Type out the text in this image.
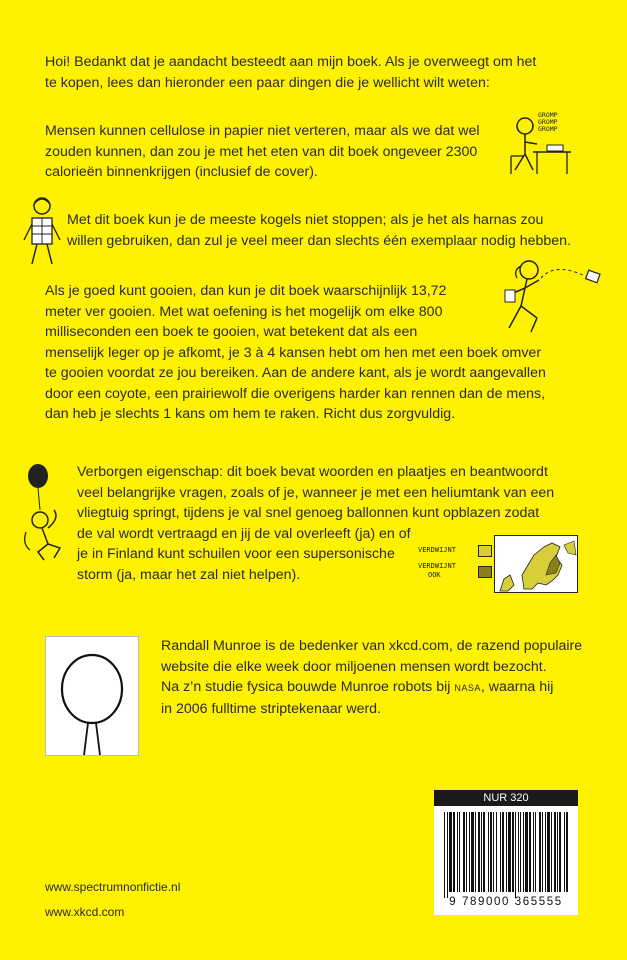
Hoi! Bedankt dat je aandacht besteedt aan mijn boek. Als je overweegt om het
te kopen, lees dan hieronder een paar dingen die je wellicht wilt weten:
Mensen kunnen cellulose in papier niet verteren, maar als we dat wel
zouden kunnen, dan zou je met het eten van dit boek ongeveer 2300
calorieën binnenkrijgen (inclusief de cover).
GROMP GROMP GROMP
Met dit boek kun je de meeste kogels niet stoppen; als je het als harnas zou
willen gebruiken, dan zul je veel meer dan slechts één exemplaar nodig hebben.
Als je goed kunt gooien, dan kun je dit boek waarschijnlijk 13,72
meter ver gooien. Met wat oefening is het mogelijk om elke 800
milliseconden een boek te gooien, wat betekent dat als een
menselijk leger op je afkomt, je 3 à 4 kansen hebt om hen met een boek omver
te gooien voordat ze jou bereiken. Aan de andere kant, als je wordt aangevallen
door een coyote, een prairiewolf die overigens harder kan rennen dan de mens,
dan heb je slechts 1 kans om hem te raken. Richt dus zorgvuldig.
Verborgen eigenschap: dit boek bevat woorden en plaatjes en beantwoordt
veel belangrijke vragen, zoals of je, wanneer je met een heliumtank van een
vliegtuig springt, tijdens je val snel genoeg ballonnen kunt opblazen zodat
de val wordt vertraagd en jij de val overleeft (ja) en of
je in Finland kunt schuilen voor een supersonische
storm (ja, maar het zal niet helpen).
VERDWIJNT
VERDWIJNT
OOK
Randall Munroe is de bedenker van xkcd.com, de razend populaire
website die elke week door miljoenen mensen wordt bezocht.
Na z’n studie fysica bouwde Munroe robots bij NASA, waarna hij
in 2006 fulltime striptekenaar werd.
NUR 320
9 789000 365555
www.spectrumnonfictie.nl
www.xkcd.com
